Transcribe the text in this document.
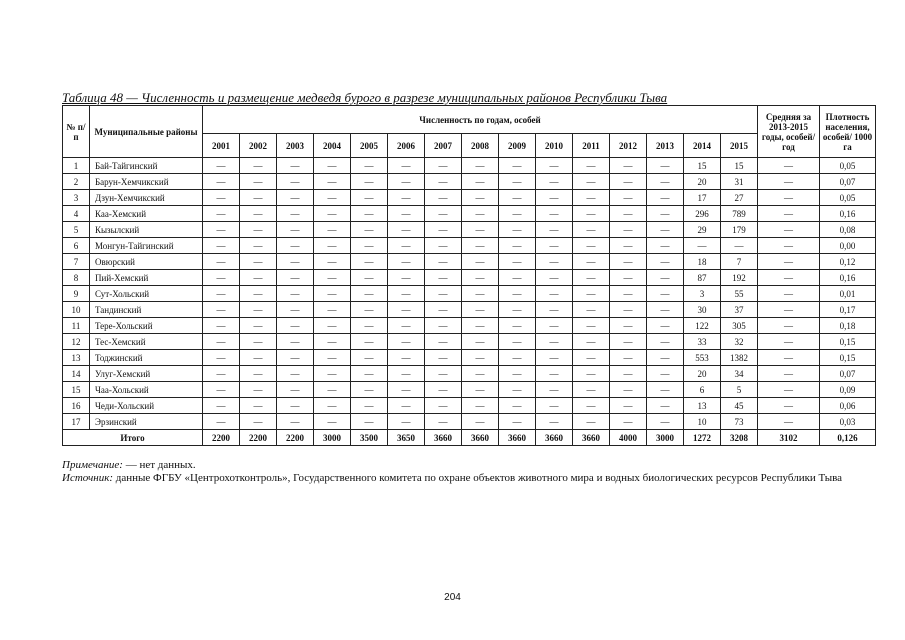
Таблица 48 — Численность и размещение медведя бурого в разрезе муниципальных районов Республики Тыва
№ п/п	Муниципальные районы	Численность по годам, особей															Средняя за 2013-2015 годы, особей/год	Плотность населения, особей/ 1000 га
		2001	2002	2003	2004	2005	2006	2007	2008	2009	2010	2011	2012	2013	2014	2015		
1	Бай-Тайгинский	—	—	—	—	—	—	—	—	—	—	—	—	—	15	15	—	0,05
2	Барун-Хемчикский	—	—	—	—	—	—	—	—	—	—	—	—	—	20	31	—	0,07
3	Дзун-Хемчикский	—	—	—	—	—	—	—	—	—	—	—	—	—	17	27	—	0,05
4	Каа-Хемский	—	—	—	—	—	—	—	—	—	—	—	—	—	296	789	—	0,16
5	Кызылский	—	—	—	—	—	—	—	—	—	—	—	—	—	29	179	—	0,08
6	Монгун-Тайгинский	—	—	—	—	—	—	—	—	—	—	—	—	—	—	—	—	0,00
7	Овюрский	—	—	—	—	—	—	—	—	—	—	—	—	—	18	7	—	0,12
8	Пий-Хемский	—	—	—	—	—	—	—	—	—	—	—	—	—	87	192	—	0,16
9	Сут-Хольский	—	—	—	—	—	—	—	—	—	—	—	—	—	3	55	—	0,01
10	Тандинский	—	—	—	—	—	—	—	—	—	—	—	—	—	30	37	—	0,17
11	Тере-Хольский	—	—	—	—	—	—	—	—	—	—	—	—	—	122	305	—	0,18
12	Тес-Хемский	—	—	—	—	—	—	—	—	—	—	—	—	—	33	32	—	0,15
13	Тоджинский	—	—	—	—	—	—	—	—	—	—	—	—	—	553	1382	—	0,15
14	Улуг-Хемский	—	—	—	—	—	—	—	—	—	—	—	—	—	20	34	—	0,07
15	Чаа-Хольский	—	—	—	—	—	—	—	—	—	—	—	—	—	6	5	—	0,09
16	Чеди-Хольский	—	—	—	—	—	—	—	—	—	—	—	—	—	13	45	—	0,06
17	Эрзинский	—	—	—	—	—	—	—	—	—	—	—	—	—	10	73	—	0,03
Итого		2200	2200	2200	3000	3500	3650	3660	3660	3660	3660	3660	4000	3000	1272	3208	3102	0,126
Примечание: — нет данных.
Источник: данные ФГБУ «Центрохотконтроль», Государственного комитета по охране объектов животного мира и водных биологических ресурсов Республики Тыва
204
